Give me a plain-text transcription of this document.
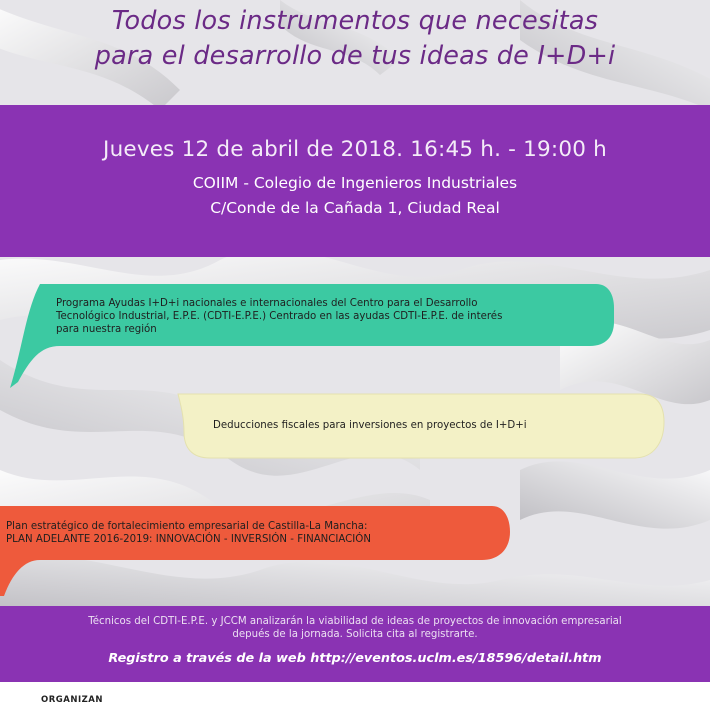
Todos los instrumentos que necesitas
para el desarrollo de tus ideas de I+D+i
Jueves 12 de abril de 2018. 16:45 h. - 19:00 h
COIIM - Colegio de Ingenieros Industriales
C/Conde de la Cañada 1, Ciudad Real
Programa Ayudas I+D+i nacionales e internacionales del Centro para el Desarrollo
Tecnológico Industrial, E.P.E. (CDTI-E.P.E.) Centrado en las ayudas CDTI-E.P.E. de interés
para nuestra región
Deducciones fiscales para inversiones en proyectos de I+D+i
Plan estratégico de fortalecimiento empresarial de Castilla-La Mancha:
PLAN ADELANTE 2016-2019: INNOVACIÓN - INVERSIÓN - FINANCIACIÓN
Técnicos del CDTI-E.P.E. y JCCM analizarán la viabilidad de ideas de proyectos de innovación empresarial
depués de la jornada. Solicita cita al registrarte.
Registro a través de la web http://eventos.uclm.es/18596/detail.htm
ORGANIZAN
